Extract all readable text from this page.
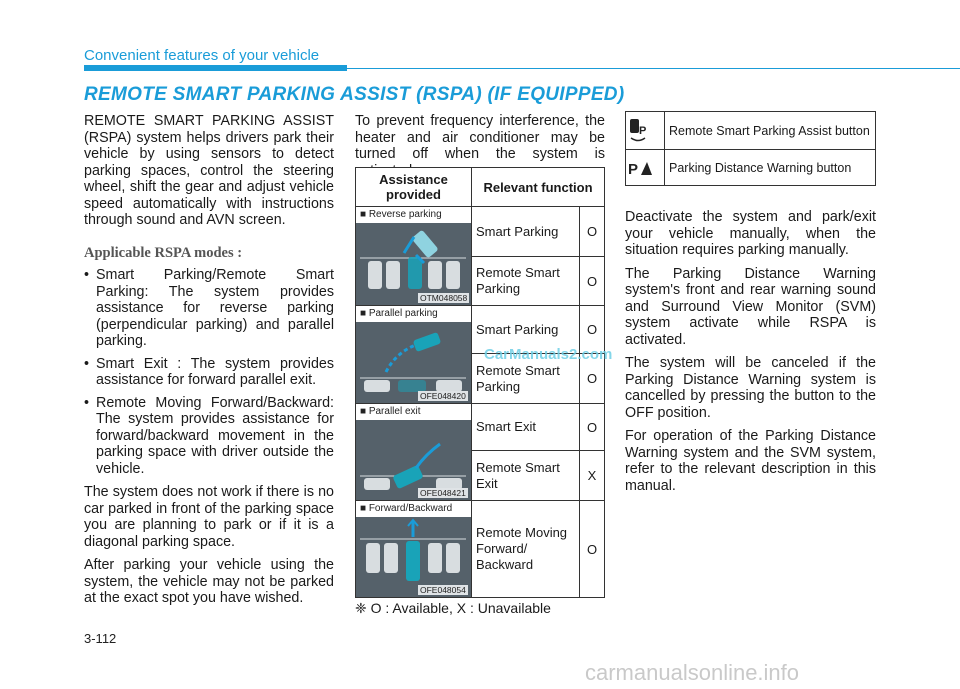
Convenient features of your vehicle
REMOTE SMART PARKING ASSIST (RSPA) (IF EQUIPPED)

REMOTE SMART PARKING ASSIST (RSPA) system helps drivers park their vehicle by using sensors to detect parking spaces, control the steering wheel, shift the gear and adjust vehicle speed automatically with instructions through sound and AVN screen.

Applicable RSPA modes :
• Smart Parking/Remote Smart Parking: The system provides assistance for reverse parking (perpendicular parking) and parallel parking.
• Smart Exit : The system provides assistance for forward parallel exit.
• Remote Moving Forward/Backward: The system provides assistance for forward/backward movement in the parking space with driver outside the vehicle.

The system does not work if there is no car parked in front of the parking space you are planning to park or if it is a diagonal parking space.

After parking your vehicle using the system, the vehicle may not be parked at the exact spot you have wished.

To prevent frequency interference, the heater and air conditioner may be turned off when the system is
Assistance provided	Relevant function	

■ Reverse parking
OTM048058	Smart Parking	O
	Remote Smart Parking	O

■ Parallel parking
OFE048420	Smart Parking	O
	Remote Smart Parking	O

■ Parallel exit
OFE048421	Smart Exit	O
	Remote Smart Exit	X

■ Forward/Backward
OFE048054	Remote Moving Forward/ Backward	O
❈ O : Available, X : Unavailable
P	Remote Smart Parking Assist button

P	Parking Distance Warning button

Deactivate the system and park/exit your vehicle manually, when the situation requires parking manually.

The Parking Distance Warning system's front and rear warning sound and Surround View Monitor (SVM) system activate while RSPA is activated.

The system will be canceled if the Parking Distance Warning system is cancelled by pressing the button to the OFF position.

For operation of the Parking Distance Warning system and the SVM system, refer to the relevant description in this manual.

3-112
CarManuals2.com
carmanualsonline.info
